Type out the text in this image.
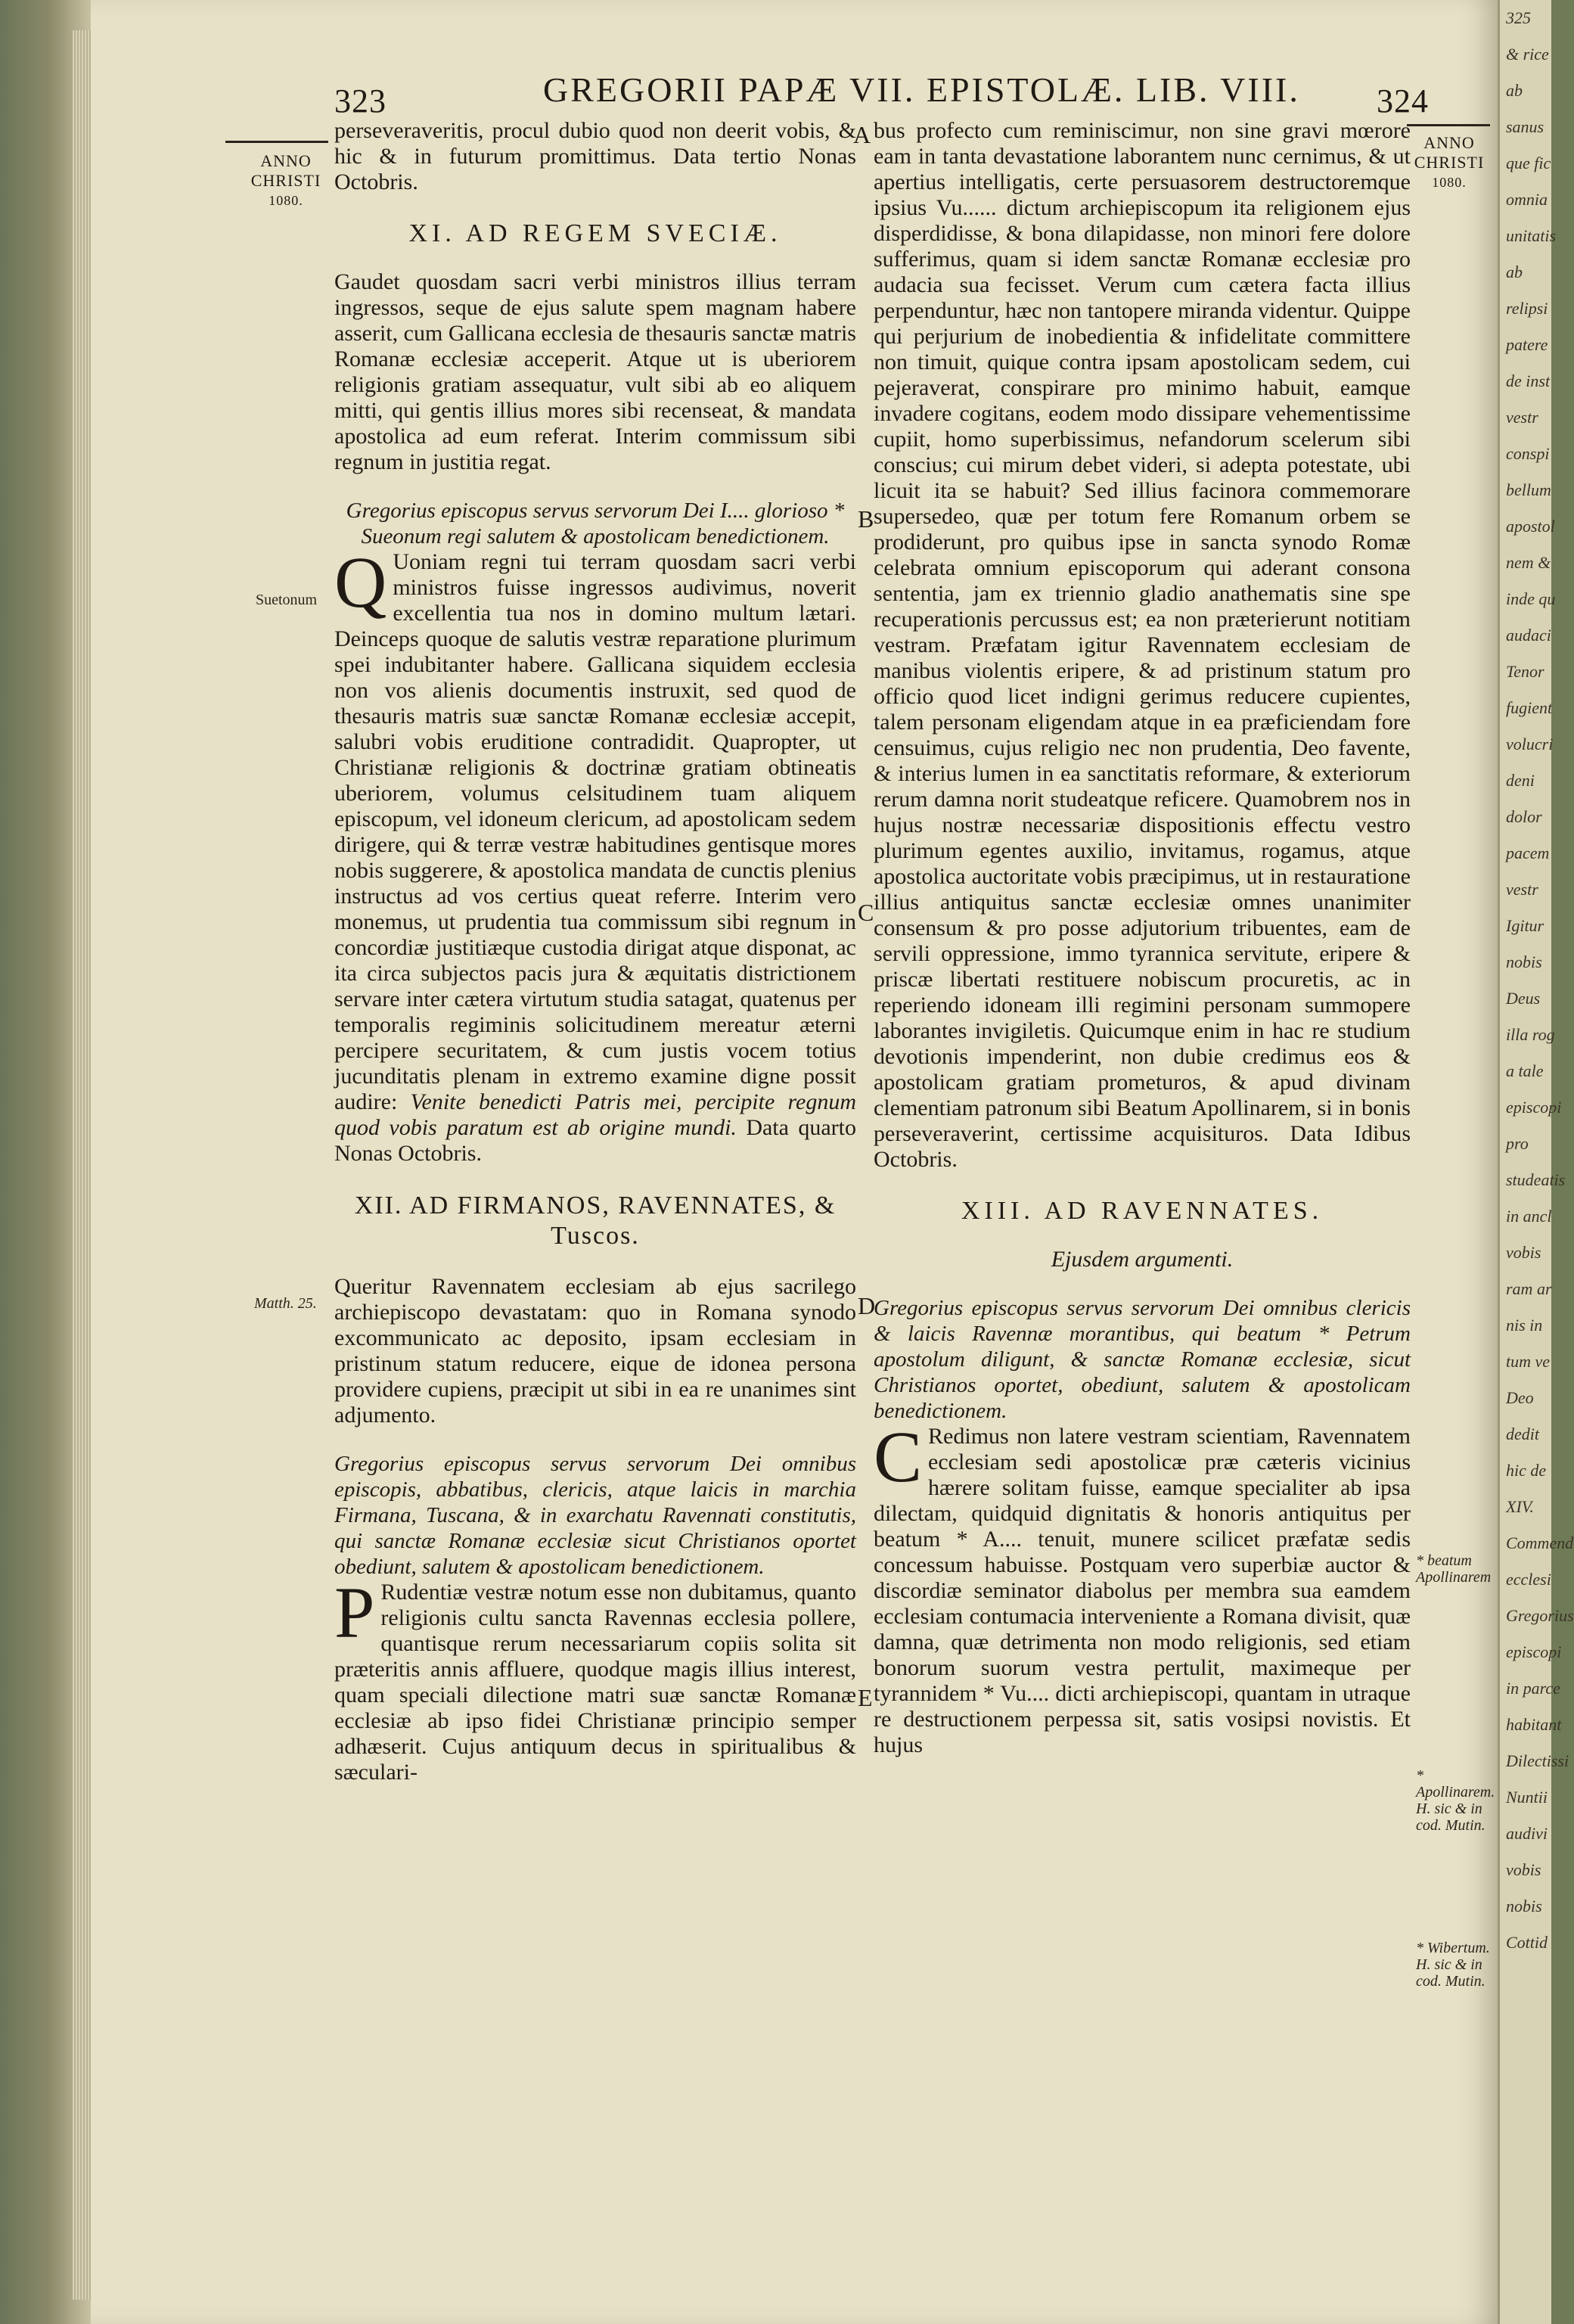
325
& rice
ab
sanus
que fic
omnia
unitatis
ab
relipsi
patere
de inst
vestr
conspi
bellum
apostol
nem &
inde qu
audaci
Tenor
fugient
volucri
deni
dolor
pacem
vestr
Igitur
nobis
Deus
illa rog
a tale
episcopi
pro
studeatis
in ancl
vobis
ram ar
nis in
tum ve
Deo
dedit
hic de
XIV.
Commend
ecclesi
Gregorius
episcopi
in parce
habitant
Dilectissi
Nuntii
audivi
vobis
nobis
Cottid
323	GREGORII PAPÆ VII. EPISTOLÆ. LIB. VIII. 324
ANNO
CHRISTI
1080.
ANNO
CHRISTI
1080.
Suetonum
Matth. 25.
* beatum Apollinarem
* Apollinarem. H. sic & in cod. Mutin.
* Wibertum. H. sic & in cod. Mutin.
A
B
C
D
E

perseveraveritis, procul dubio quod non deerit vobis, & hic & in futurum promittimus. Data tertio Nonas Octobris.

XI. AD REGEM SVECIÆ.

Gaudet quosdam sacri verbi ministros illius terram ingressos, seque de ejus salute spem magnam habere asserit, cum Gallicana ecclesia de thesauris sanctæ matris Romanæ ecclesiæ acceperit. Atque ut is uberiorem religionis gratiam assequatur, vult sibi ab eo aliquem mitti, qui gentis illius mores sibi recenseat, & mandata apostolica ad eum referat. Interim commissum sibi regnum in justitia regat.

Gregorius episcopus servus servorum Dei I.... glorioso * Sueonum regi salutem & apostolicam benedictionem.

Q Uoniam regni tui terram quosdam sacri verbi ministros fuisse ingressos audivimus, noverit excellentia tua nos in domino multum lætari. Deinceps quoque de salutis vestræ reparatione plurimum spei indubitanter habere. Gallicana siquidem ecclesia non vos alienis documentis instruxit, sed quod de thesauris matris suæ sanctæ Romanæ ecclesiæ accepit, salubri vobis eruditione contradidit. Quapropter, ut Christianæ religionis & doctrinæ gratiam obtineatis uberiorem, volumus celsitudinem tuam aliquem episcopum, vel idoneum clericum, ad apostolicam sedem dirigere, qui & terræ vestræ habitudines gentisque mores nobis suggerere, & apostolica mandata de cunctis plenius instructus ad vos certius queat referre. Interim vero monemus, ut prudentia tua commissum sibi regnum in concordiæ justitiæque custodia dirigat atque disponat, ac ita circa subjectos pacis jura & æquitatis districtionem servare inter cætera virtutum studia satagat, quatenus per temporalis regiminis solicitudinem mereatur æterni percipere securitatem, & cum justis vocem totius jucunditatis plenam in extremo examine digne possit audire: Venite benedicti Patris mei, percipite regnum quod vobis paratum est ab origine mundi. Data quarto Nonas Octobris.

XII. AD FIRMANOS, RAVENNATES, & Tuscos.

Queritur Ravennatem ecclesiam ab ejus sacrilego archiepiscopo devastatam: quo in Romana synodo excommunicato ac deposito, ipsam ecclesiam in pristinum statum reducere, eique de idonea persona providere cupiens, præcipit ut sibi in ea re unanimes sint adjumento.

Gregorius episcopus servus servorum Dei omnibus episcopis, abbatibus, clericis, atque laicis in marchia Firmana, Tuscana, & in exarchatu Ravennati constitutis, qui sanctæ Romanæ ecclesiæ sicut Christianos oportet obediunt, salutem & apostolicam benedictionem.

P Rudentiæ vestræ notum esse non dubitamus, quanto religionis cultu sancta Ravennas ecclesia pollere, quantisque rerum necessariarum copiis solita sit præteritis annis affluere, quodque magis illius interest, quam speciali dilectione matri suæ sanctæ Romanæ ecclesiæ ab ipso fidei Christianæ principio semper adhæserit. Cujus antiquum decus in spiritualibus & sæculari-

bus profecto cum reminiscimur, non sine gravi mœrore eam in tanta devastatione laborantem nunc cernimus, & ut apertius intelligatis, certe persuasorem destructoremque ipsius Vu...... dictum archiepiscopum ita religionem ejus disperdidisse, & bona dilapidasse, non minori fere dolore sufferimus, quam si idem sanctæ Romanæ ecclesiæ pro audacia sua fecisset. Verum cum cætera facta illius perpenduntur, hæc non tantopere miranda videntur. Quippe qui perjurium de inobedientia & infidelitate committere non timuit, quique contra ipsam apostolicam sedem, cui pejeraverat, conspirare pro minimo habuit, eamque invadere cogitans, eodem modo dissipare vehementissime cupiit, homo superbissimus, nefandorum scelerum sibi conscius; cui mirum debet videri, si adepta potestate, ubi licuit ita se habuit? Sed illius facinora commemorare supersedeo, quæ per totum fere Romanum orbem se prodiderunt, pro quibus ipse in sancta synodo Romæ celebrata omnium episcoporum qui aderant consona sententia, jam ex triennio gladio anathematis sine spe recuperationis percussus est; ea non præterierunt notitiam vestram. Præfatam igitur Ravennatem ecclesiam de manibus violentis eripere, & ad pristinum statum pro officio quod licet indigni gerimus reducere cupientes, talem personam eligendam atque in ea præficiendam fore censuimus, cujus religio nec non prudentia, Deo favente, & interius lumen in ea sanctitatis reformare, & exteriorum rerum damna norit studeatque reficere. Quamobrem nos in hujus nostræ necessariæ dispositionis effectu vestro plurimum egentes auxilio, invitamus, rogamus, atque apostolica auctoritate vobis præcipimus, ut in restauratione illius antiquitus sanctæ ecclesiæ omnes unanimiter consensum & pro posse adjutorium tribuentes, eam de servili oppressione, immo tyrannica servitute, eripere & priscæ libertati restituere nobiscum procuretis, ac in reperiendo idoneam illi regimini personam summopere laborantes invigiletis. Quicumque enim in hac re studium devotionis impenderint, non dubie credimus eos & apostolicam gratiam prometuros, & apud divinam clementiam patronum sibi Beatum Apollinarem, si in bonis perseveraverint, certissime acquisituros. Data Idibus Octobris.

XIII. AD RAVENNATES.
Ejusdem argumenti.

Gregorius episcopus servus servorum Dei omnibus clericis & laicis Ravennæ morantibus, qui beatum * Petrum apostolum diligunt, & sanctæ Romanæ ecclesiæ, sicut Christianos oportet, obediunt, salutem & apostolicam benedictionem.

C Redimus non latere vestram scientiam, Ravennatem ecclesiam sedi apostolicæ præ cæteris vicinius hærere solitam fuisse, eamque specialiter ab ipsa dilectam, quidquid dignitatis & honoris antiquitus per beatum * A.... tenuit, munere scilicet præfatæ sedis concessum habuisse. Postquam vero superbiæ auctor & discordiæ seminator diabolus per membra sua eamdem ecclesiam contumacia interveniente a Romana divisit, quæ damna, quæ detrimenta non modo religionis, sed etiam bonorum suorum vestra pertulit, maximeque per tyrannidem * Vu.... dicti archiepiscopi, quantam in utraque re destructionem perpessa sit, satis vosipsi novistis. Et hujus
